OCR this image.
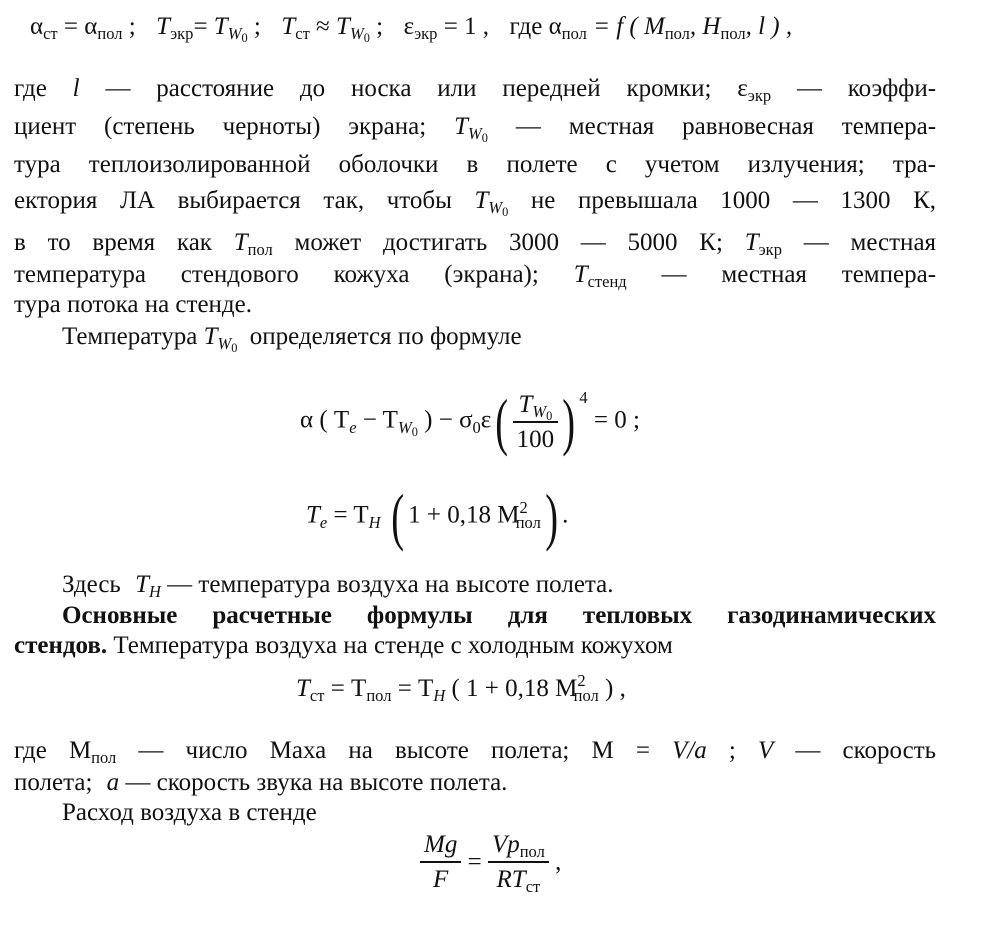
$\alpha_{ст} = \alpha_{пол}$ ; $T_{экр}= T_{W0}$ ; $T_{ст} \approx T_{W0}$ ; $\varepsilon_{экр} = 1$ , где $\alpha_{пол} = f$ ( $M_{пол}$, $H_{пол}$, l ) ,
где l — расстояние до носка или передней кромки; $\varepsilon_{экр}$ — коэффи-
циент (степень черноты) экрана; $T_{W0}$ — местная равновесная темпера-
тура теплоизолированной оболочки в полете с учетом излучения; тра-
ектория ЛА выбирается так, чтобы $T_{W0}$ не превышала 1000 — 1300 К,
в то время как $T_{пол}$ может достигать 3000 — 5000 К; $T_{экр}$ — местная
температура стендового кожуха (экрана); $T_{стенд}$ — местная темпера-
тура потока на стенде.
Температура $T_{W0}$ определяется по формуле
α ( $T_e - T_{W0}$ ) − $\sigma_0\varepsilon( \frac{T_{W0}}{100}$ ) $^4$ = 0 ;
$T_e = T_H$ ( 1 + 0,18 $M^2_{пол}$) .
Здесь $T_H$ — температура воздуха на высоте полета.
Основные расчетные формулы для тепловых газодинамических
стендов. Температура воздуха на стенде с холодным кожухом
$T_{ст} = T_{пол} = T_H$ ( 1 + 0,18 $M^2_{пол}$ ) ,
где $M_{пол}$ — число Маха на высоте полета; M = V/a ; V — скорость
полета; a — скорость звука на высоте полета.
Расход воздуха в стенде
$\frac{Mg}{F} = \frac{Vp_{пол}}{RT_{ст}}$ ,
